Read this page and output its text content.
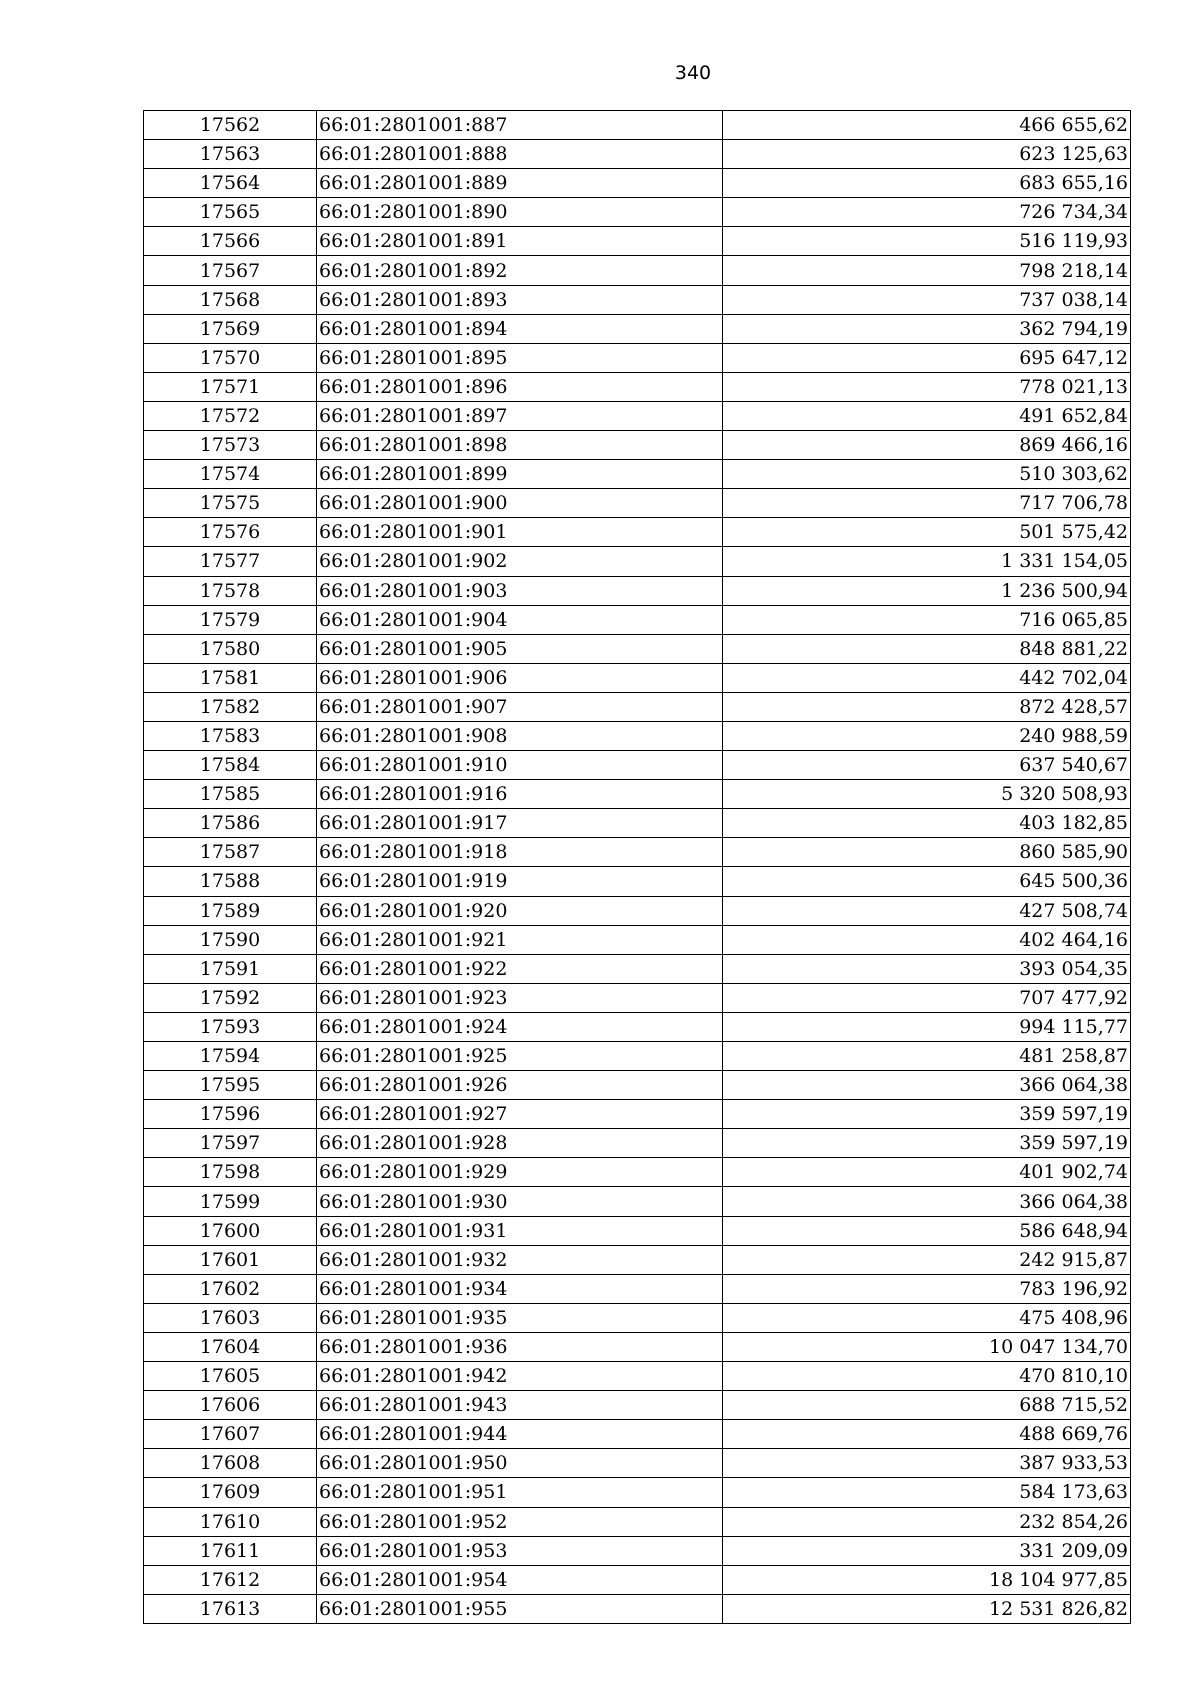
340
17562	66:01:2801001:887	466 655,62
17563	66:01:2801001:888	623 125,63
17564	66:01:2801001:889	683 655,16
17565	66:01:2801001:890	726 734,34
17566	66:01:2801001:891	516 119,93
17567	66:01:2801001:892	798 218,14
17568	66:01:2801001:893	737 038,14
17569	66:01:2801001:894	362 794,19
17570	66:01:2801001:895	695 647,12
17571	66:01:2801001:896	778 021,13
17572	66:01:2801001:897	491 652,84
17573	66:01:2801001:898	869 466,16
17574	66:01:2801001:899	510 303,62
17575	66:01:2801001:900	717 706,78
17576	66:01:2801001:901	501 575,42
17577	66:01:2801001:902	1 331 154,05
17578	66:01:2801001:903	1 236 500,94
17579	66:01:2801001:904	716 065,85
17580	66:01:2801001:905	848 881,22
17581	66:01:2801001:906	442 702,04
17582	66:01:2801001:907	872 428,57
17583	66:01:2801001:908	240 988,59
17584	66:01:2801001:910	637 540,67
17585	66:01:2801001:916	5 320 508,93
17586	66:01:2801001:917	403 182,85
17587	66:01:2801001:918	860 585,90
17588	66:01:2801001:919	645 500,36
17589	66:01:2801001:920	427 508,74
17590	66:01:2801001:921	402 464,16
17591	66:01:2801001:922	393 054,35
17592	66:01:2801001:923	707 477,92
17593	66:01:2801001:924	994 115,77
17594	66:01:2801001:925	481 258,87
17595	66:01:2801001:926	366 064,38
17596	66:01:2801001:927	359 597,19
17597	66:01:2801001:928	359 597,19
17598	66:01:2801001:929	401 902,74
17599	66:01:2801001:930	366 064,38
17600	66:01:2801001:931	586 648,94
17601	66:01:2801001:932	242 915,87
17602	66:01:2801001:934	783 196,92
17603	66:01:2801001:935	475 408,96
17604	66:01:2801001:936	10 047 134,70
17605	66:01:2801001:942	470 810,10
17606	66:01:2801001:943	688 715,52
17607	66:01:2801001:944	488 669,76
17608	66:01:2801001:950	387 933,53
17609	66:01:2801001:951	584 173,63
17610	66:01:2801001:952	232 854,26
17611	66:01:2801001:953	331 209,09
17612	66:01:2801001:954	18 104 977,85
17613	66:01:2801001:955	12 531 826,82
